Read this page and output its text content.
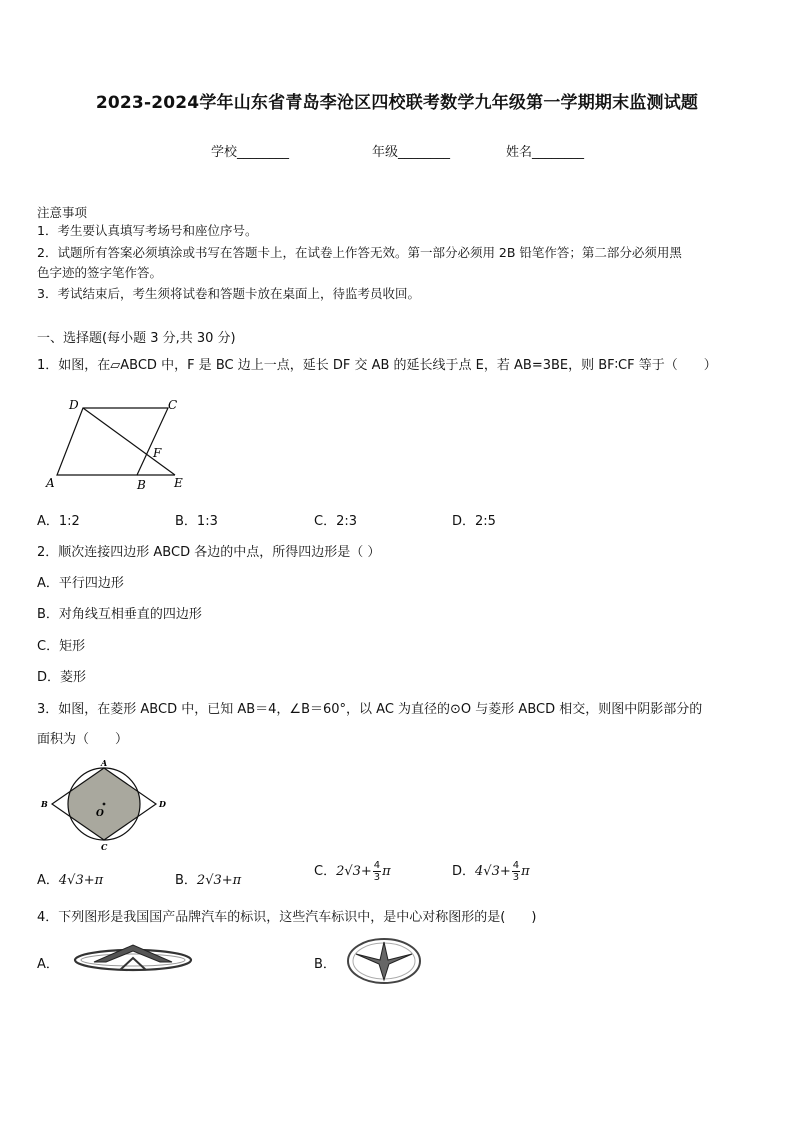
2023-2024学年山东省青岛李沧区四校联考数学九年级第一学期期末监测试题
学校________	年级________	姓名________
注意事项
1．考生要认真填写考场号和座位序号。
2．试题所有答案必须填涂或书写在答题卡上，在试卷上作答无效。第一部分必须用 2B 铅笔作答；第二部分必须用黑
色字迹的签字笔作答。
3．考试结束后，考生须将试卷和答题卡放在桌面上，待监考员收回。
一、选择题(每小题 3 分,共 30 分)
1．如图，在▱ABCD 中，F 是 BC 边上一点，延长 DF 交 AB 的延长线于点 E，若 AB=3BE，则 BF∶CF 等于（　　）
D	C
F
A	B E
A．1:2	B．1:3	C．2:3	D．2:5
2．顺次连接四边形 ABCD 各边的中点，所得四边形是（ ）
A．平行四边形
B．对角线互相垂直的四边形
C．矩形
D．菱形
3．如图，在菱形 ABCD 中，已知 AB＝4，∠B＝60°，以 AC 为直径的⊙O 与菱形 ABCD 相交，则图中阴影部分的
面积为（　　）
A
B	D
C
O
A．4√3+π	B．2√3+π
C．$2√3+ \frac{4}{3}$ π	D．$4√3+ \frac{4}{3}$ π
4．下列图形是我国国产品牌汽车的标识，这些汽车标识中，是中心对称图形的是(　　)
A．	B．
